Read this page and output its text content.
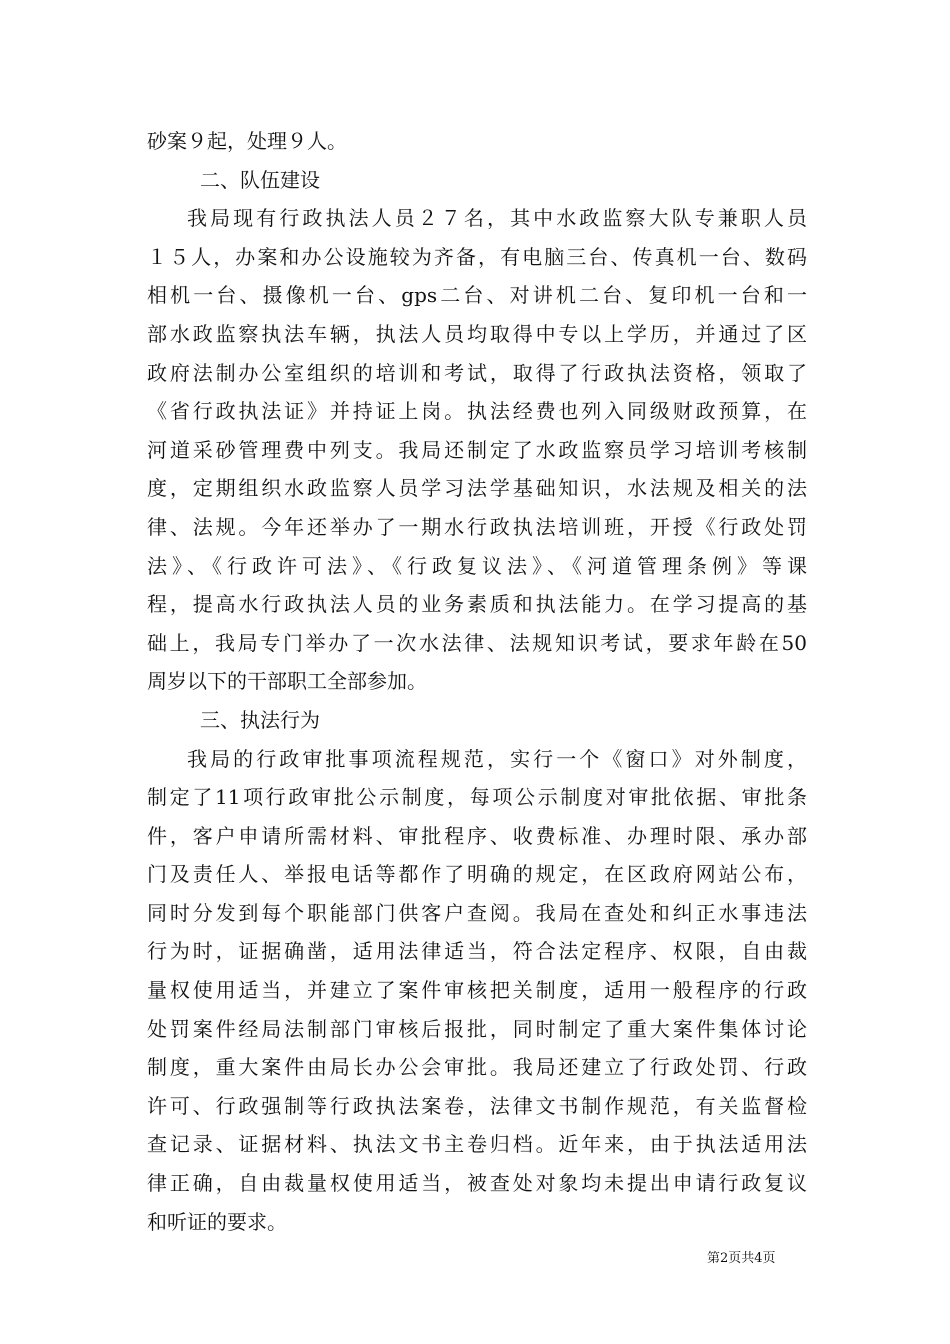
砂案９起，处理９人。
二、队伍建设
我局现有行政执法人员２７名，其中水政监察大队专兼职人员
１５人，办案和办公设施较为齐备，有电脑三台、传真机一台、数码
相机一台、摄像机一台、gps二台、对讲机二台、复印机一台和一
部水政监察执法车辆，执法人员均取得中专以上学历，并通过了区
政府法制办公室组织的培训和考试，取得了行政执法资格，领取了
《省行政执法证》并持证上岗。执法经费也列入同级财政预算，在
河道采砂管理费中列支。我局还制定了水政监察员学习培训考核制
度，定期组织水政监察人员学习法学基础知识，水法规及相关的法
律、法规。今年还举办了一期水行政执法培训班，开授《行政处罚
法》、《行政许可法》、《行政复议法》、《河道管理条例》等课
程，提高水行政执法人员的业务素质和执法能力。在学习提高的基
础上，我局专门举办了一次水法律、法规知识考试，要求年龄在50
周岁以下的干部职工全部参加。
三、执法行为
我局的行政审批事项流程规范，实行一个《窗口》对外制度，
制定了11项行政审批公示制度，每项公示制度对审批依据、审批条
件，客户申请所需材料、审批程序、收费标准、办理时限、承办部
门及责任人、举报电话等都作了明确的规定，在区政府网站公布，
同时分发到每个职能部门供客户查阅。我局在查处和纠正水事违法
行为时，证据确凿，适用法律适当，符合法定程序、权限，自由裁
量权使用适当，并建立了案件审核把关制度，适用一般程序的行政
处罚案件经局法制部门审核后报批，同时制定了重大案件集体讨论
制度，重大案件由局长办公会审批。我局还建立了行政处罚、行政
许可、行政强制等行政执法案卷，法律文书制作规范，有关监督检
查记录、证据材料、执法文书主卷归档。近年来，由于执法适用法
律正确，自由裁量权使用适当，被查处对象均未提出申请行政复议
和听证的要求。
第2页共4页
